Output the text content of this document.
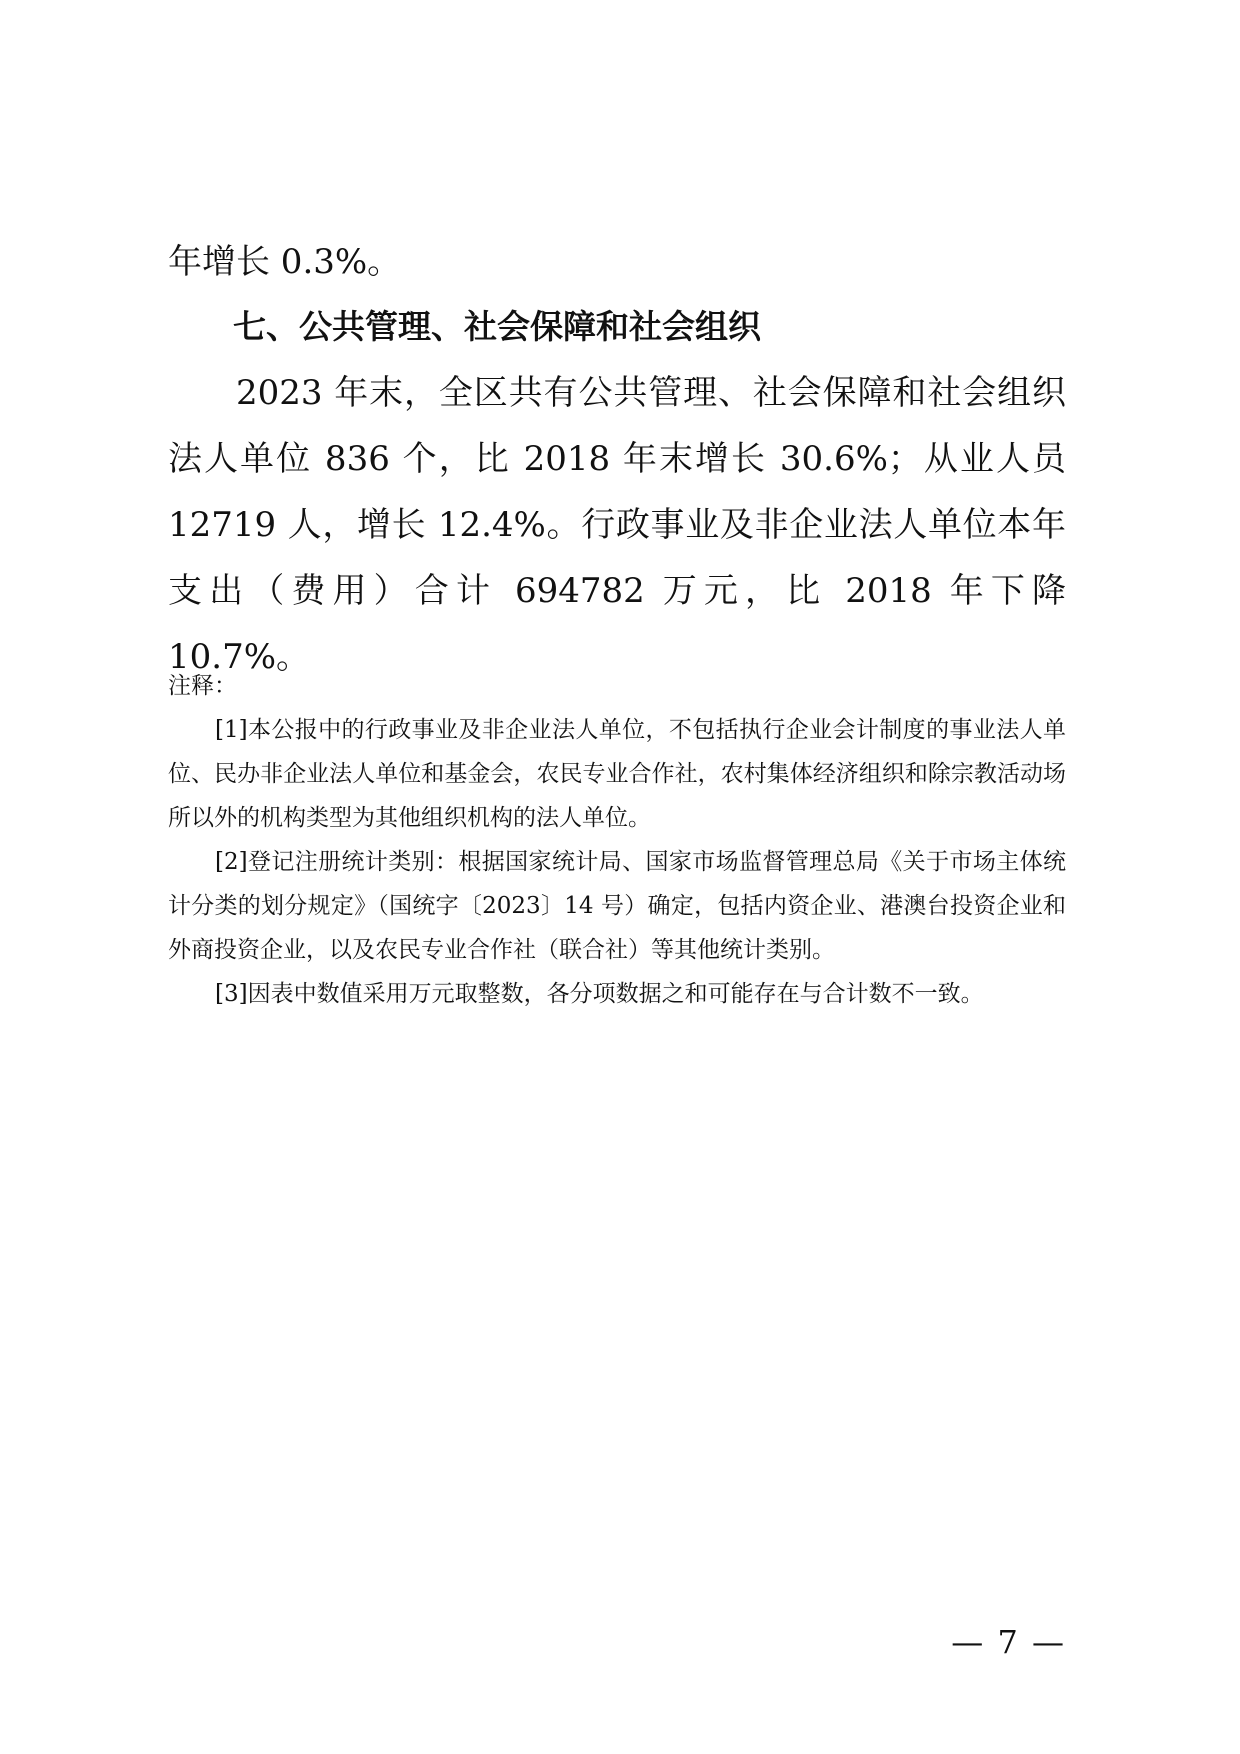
年增长 0.3%。
七、公共管理、社会保障和社会组织
2023 年末，全区共有公共管理、社会保障和社会组织法人单位 836 个，比 2018 年末增长 30.6%；从业人员 12719 人，增长 12.4%。行政事业及非企业法人单位本年支出（费用）合计 694782 万元，比 2018 年下降 10.7%。

注释：

[1]本公报中的行政事业及非企业法人单位，不包括执行企业会计制度的事业法人单位、民办非企业法人单位和基金会，农民专业合作社，农村集体经济组织和除宗教活动场所以外的机构类型为其他组织机构的法人单位。

[2]登记注册统计类别：根据国家统计局、国家市场监督管理总局《关于市场主体统计分类的划分规定》（国统字〔2023〕14 号）确定，包括内资企业、港澳台投资企业和外商投资企业，以及农民专业合作社（联合社）等其他统计类别。

[3]因表中数值采用万元取整数，各分项数据之和可能存在与合计数不一致。

— 7 —
